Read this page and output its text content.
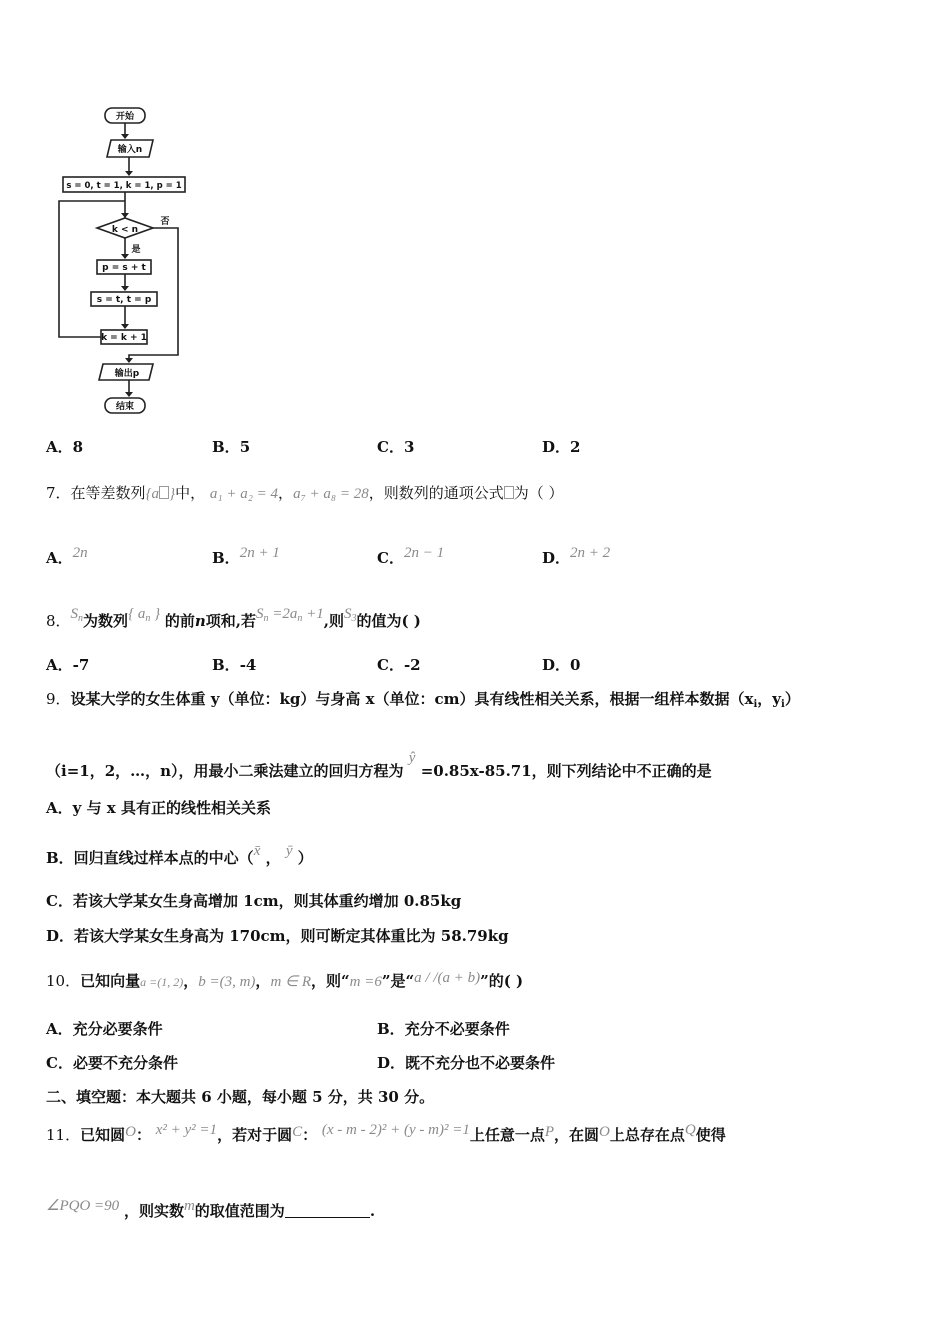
开始
输入n
s = 0, t = 1, k = 1, p = 1
k < n
是
否
p = s + t
s = t, t = p
k = k + 1
输出p
结束
A．8	B．5	C．3	D．2
7．在等差数列{a }中， a₁ + a₂ = 4，a₇ + a₈ = 28，则数列的通项公式 为（ ）
A．2n	B．2n + 1	C．2n − 1	D．2n + 2
8．$S_n$为数列{ $a_n$ } 的前n项和,若$S_n =2a_n +1$,则$S_3$的值为( )
A．-7	B．-4	C．-2	D．0
9．设某大学的女生体重 y（单位：kg）与身高 x（单位：cm）具有线性相关关系，根据一组样本数据（$x_i$，$y_i$）
（i=1，2，…，n），用最小二乘法建立的回归方程为 ŷ =0.85x-85.71，则下列结论中不正确的是
A．y 与 x 具有正的线性相关关系
B．回归直线过样本点的中心（x̄ ， ȳ ）
C．若该大学某女生身高增加 1cm，则其体重约增加 0.85kg
D．若该大学某女生身高为 170cm，则可断定其体重比为 58.79kg
10．已知向量a =(1, 2)，b =(3, m)，m ∈ R，则“m =6”是“a / /(a + b)”的( )
A．充分必要条件	B．充分不必要条件
C．必要不充分条件	D．既不充分也不必要条件
二、填空题：本大题共 6 小题，每小题 5 分，共 30 分。
11．已知圆O： x² + y² =1，若对于圆C： (x - m - 2)² + (y - m)² =1上任意一点P，在圆O上总存在点Q使得
∠PQO =90 ，则实数m的取值范围为	.
